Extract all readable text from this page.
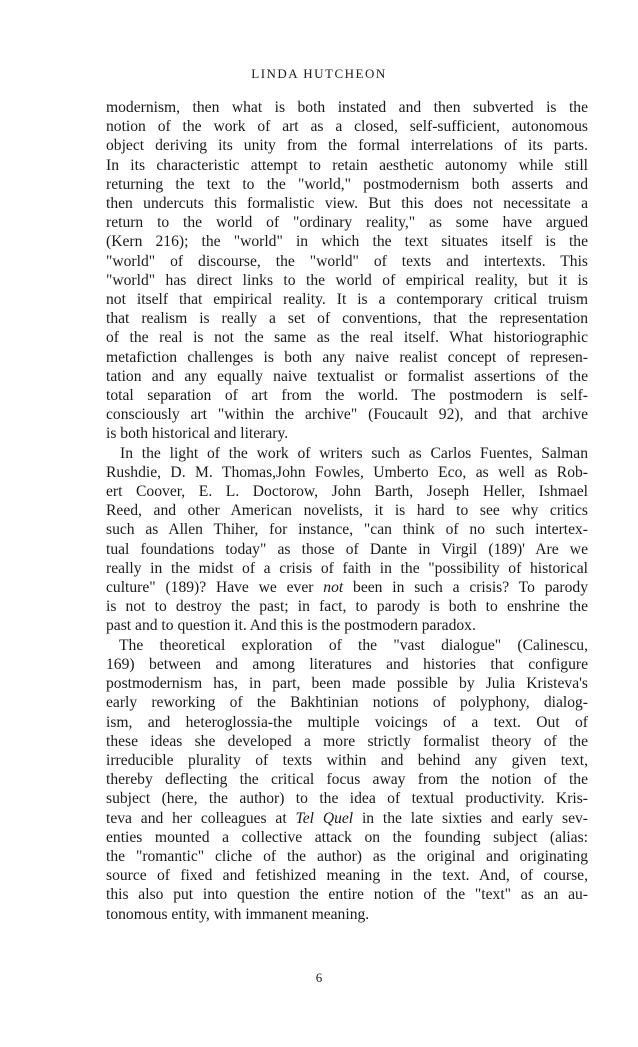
LINDA HUTCHEON
modernism, then what is both instated and then subverted is the
notion of the work of art as a closed, self-sufficient, autonomous
object deriving its unity from the formal interrelations of its parts.
In its characteristic attempt to retain aesthetic autonomy while still
returning the text to the "world," postmodernism both asserts and
then undercuts this formalistic view. But this does not necessitate a
return to the world of "ordinary reality," as some have argued
(Kern 216); the "world" in which the text situates itself is the
"world" of discourse, the "world" of texts and intertexts. This
"world" has direct links to the world of empirical reality, but it is
not itself that empirical reality. It is a contemporary critical truism
that realism is really a set of conventions, that the representation
of the real is not the same as the real itself. What historiographic
metafiction challenges is both any naive realist concept of represen-
tation and any equally naive textualist or formalist assertions of the
total separation of art from the world. The postmodern is self-
consciously art "within the archive" (Foucault 92), and that archive
is both historical and literary.
In the light of the work of writers such as Carlos Fuentes, Salman
Rushdie, D. M. Thomas,John Fowles, Umberto Eco, as well as Rob-
ert Coover, E. L. Doctorow, John Barth, Joseph Heller, Ishmael
Reed, and other American novelists, it is hard to see why critics
such as Allen Thiher, for instance, "can think of no such intertex-
tual foundations today" as those of Dante in Virgil (189)' Are we
really in the midst of a crisis of faith in the "possibility of historical
culture" (189)? Have we ever not been in such a crisis? To parody
is not to destroy the past; in fact, to parody is both to enshrine the
past and to question it. And this is the postmodern paradox.
The theoretical exploration of the "vast dialogue" (Calinescu,
169) between and among literatures and histories that configure
postmodernism has, in part, been made possible by Julia Kristeva's
early reworking of the Bakhtinian notions of polyphony, dialog-
ism, and heteroglossia-the multiple voicings of a text. Out of
these ideas she developed a more strictly formalist theory of the
irreducible plurality of texts within and behind any given text,
thereby deflecting the critical focus away from the notion of the
subject (here, the author) to the idea of textual productivity. Kris-
teva and her colleagues at Tel Quel in the late sixties and early sev-
enties mounted a collective attack on the founding subject (alias:
the "romantic" cliche of the author) as the original and originating
source of fixed and fetishized meaning in the text. And, of course,
this also put into question the entire notion of the "text" as an au-
tonomous entity, with immanent meaning.
6
